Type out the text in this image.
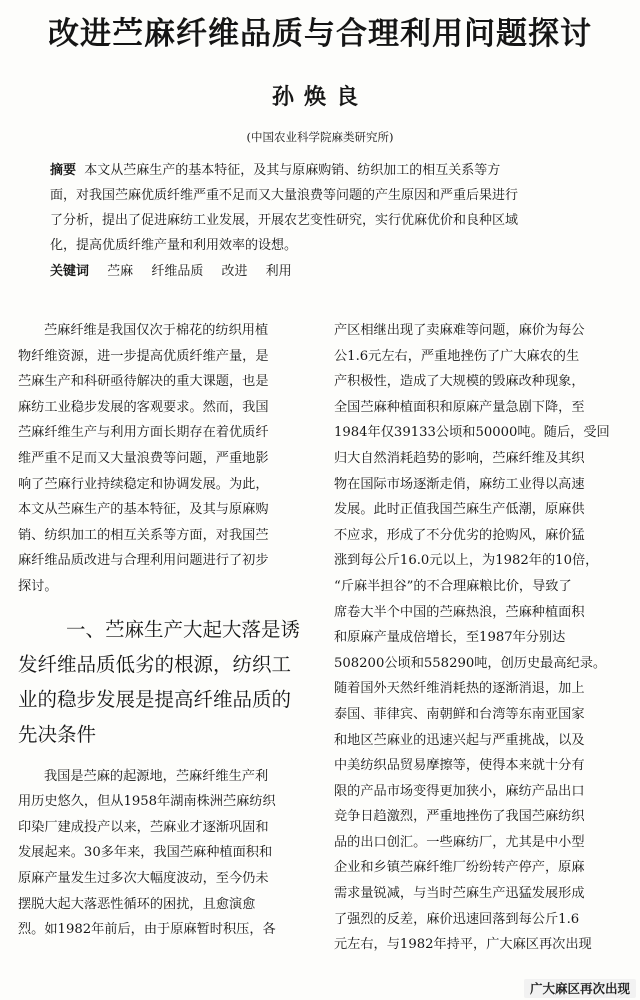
改进苎麻纤维品质与合理利用问题探讨
孙焕良
(中国农业科学院麻类研究所)
摘要 本文从苎麻生产的基本特征，及其与原麻购销、纺织加工的相互关系等方
面，对我国苎麻优质纤维严重不足而又大量浪费等问题的产生原因和严重后果进行
了分析，提出了促进麻纺工业发展，开展农艺变性研究，实行优麻优价和良种区域
化，提高优质纤维产量和利用效率的设想。
关键词 苎麻 纤维品质 改进 利用
苎麻纤维是我国仅次于棉花的纺织用植
物纤维资源，进一步提高优质纤维产量，是
苎麻生产和科研亟待解决的重大课题，也是
麻纺工业稳步发展的客观要求。然而，我国
苎麻纤维生产与利用方面长期存在着优质纤
维严重不足而又大量浪费等问题，严重地影
响了苎麻行业持续稳定和协调发展。为此，
本文从苎麻生产的基本特征，及其与原麻购
销、纺织加工的相互关系等方面，对我国苎
麻纤维品质改进与合理利用问题进行了初步
探讨。
一、苎麻生产大起大落是诱
发纤维品质低劣的根源，纺织工
业的稳步发展是提高纤维品质的
先决条件
我国是苎麻的起源地，苎麻纤维生产利
用历史悠久，但从1958年湖南株洲苎麻纺织
印染厂建成投产以来，苎麻业才逐渐巩固和
发展起来。30多年来，我国苎麻种植面积和
原麻产量发生过多次大幅度波动，至今仍未
摆脱大起大落恶性循环的困扰，且愈演愈
烈。如1982年前后，由于原麻暂时积压，各
产区相继出现了卖麻难等问题，麻价为每公
公1.6元左右，严重地挫伤了广大麻农的生
产积极性，造成了大规模的毁麻改种现象，
全国苎麻种植面积和原麻产量急剧下降，至
1984年仅39133公顷和50000吨。随后，受回
归大自然消耗趋势的影响，苎麻纤维及其织
物在国际市场逐渐走俏，麻纺工业得以高速
发展。此时正值我国苎麻生产低潮，原麻供
不应求，形成了不分优劣的抢购风，麻价猛
涨到每公斤16.0元以上，为1982年的10倍，
“斤麻半担谷”的不合理麻粮比价，导致了
席卷大半个中国的苎麻热浪，苎麻种植面积
和原麻产量成倍增长，至1987年分别达
508200公顷和558290吨，创历史最高纪录。
随着国外天然纤维消耗热的逐渐消退，加上
泰国、菲律宾、南朝鲜和台湾等东南亚国家
和地区苎麻业的迅速兴起与严重挑战，以及
中美纺织品贸易摩擦等，使得本来就十分有
限的产品市场变得更加狭小，麻纺产品出口
竞争日趋激烈，严重地挫伤了我国苎麻纺织
品的出口创汇。一些麻纺厂，尤其是中小型
企业和乡镇苎麻纤维厂纷纷转产停产，原麻
需求量锐减，与当时苎麻生产迅猛发展形成
了强烈的反差，麻价迅速回落到每公斤1.6
元左右，与1982年持平，广大麻区再次出现
广大麻区再次出现
